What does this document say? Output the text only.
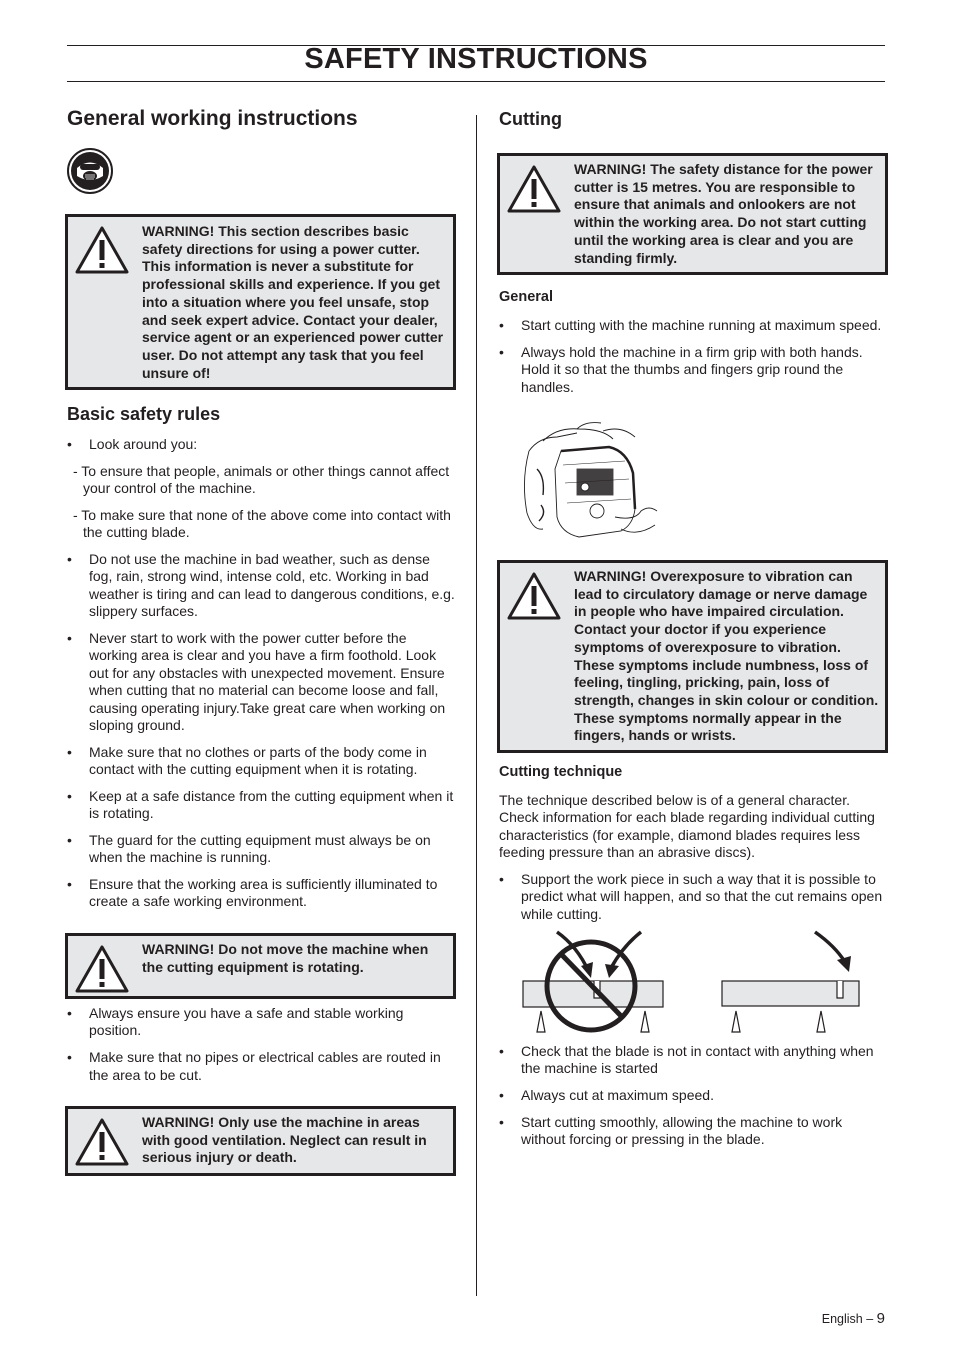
SAFETY INSTRUCTIONS
General working instructions
WARNING! This section describes basic safety directions for using a power cutter. This information is never a substitute for professional skills and experience. If you get into a situation where you feel unsafe, stop and seek expert advice. Contact your dealer, service agent or an experienced power cutter user. Do not attempt any task that you feel unsure of!
Basic safety rules
• Look around you:
- To ensure that people, animals or other things cannot affect your control of the machine.
- To make sure that none of the above come into contact with the cutting blade.
• Do not use the machine in bad weather, such as dense fog, rain, strong wind, intense cold, etc. Working in bad weather is tiring and can lead to dangerous conditions, e.g. slippery surfaces.
• Never start to work with the power cutter before the working area is clear and you have a firm foothold. Look out for any obstacles with unexpected movement. Ensure when cutting that no material can become loose and fall, causing operating injury.Take great care when working on sloping ground.
• Make sure that no clothes or parts of the body come in contact with the cutting equipment when it is rotating.
• Keep at a safe distance from the cutting equipment when it is rotating.
• The guard for the cutting equipment must always be on when the machine is running.
• Ensure that the working area is sufficiently illuminated to create a safe working environment.
WARNING! Do not move the machine when the cutting equipment is rotating.
• Always ensure you have a safe and stable working position.
• Make sure that no pipes or electrical cables are routed in the area to be cut.
WARNING! Only use the machine in areas with good ventilation. Neglect can result in serious injury or death.
Cutting
WARNING! The safety distance for the power cutter is 15 metres. You are responsible to ensure that animals and onlookers are not within the working area. Do not start cutting until the working area is clear and you are standing firmly.
General
• Start cutting with the machine running at maximum speed.
• Always hold the machine in a firm grip with both hands. Hold it so that the thumbs and fingers grip round the handles.
WARNING! Overexposure to vibration can lead to circulatory damage or nerve damage in people who have impaired circulation. Contact your doctor if you experience symptoms of overexposure to vibration. These symptoms include numbness, loss of feeling, tingling, pricking, pain, loss of strength, changes in skin colour or condition. These symptoms normally appear in the fingers, hands or wrists.
Cutting technique
The technique described below is of a general character. Check information for each blade regarding individual cutting characteristics (for example, diamond blades requires less feeding pressure than an abrasive discs).
• Support the work piece in such a way that it is possible to predict what will happen, and so that the cut remains open while cutting.
• Check that the blade is not in contact with anything when the machine is started
• Always cut at maximum speed.
• Start cutting smoothly, allowing the machine to work without forcing or pressing in the blade.
English – 9
